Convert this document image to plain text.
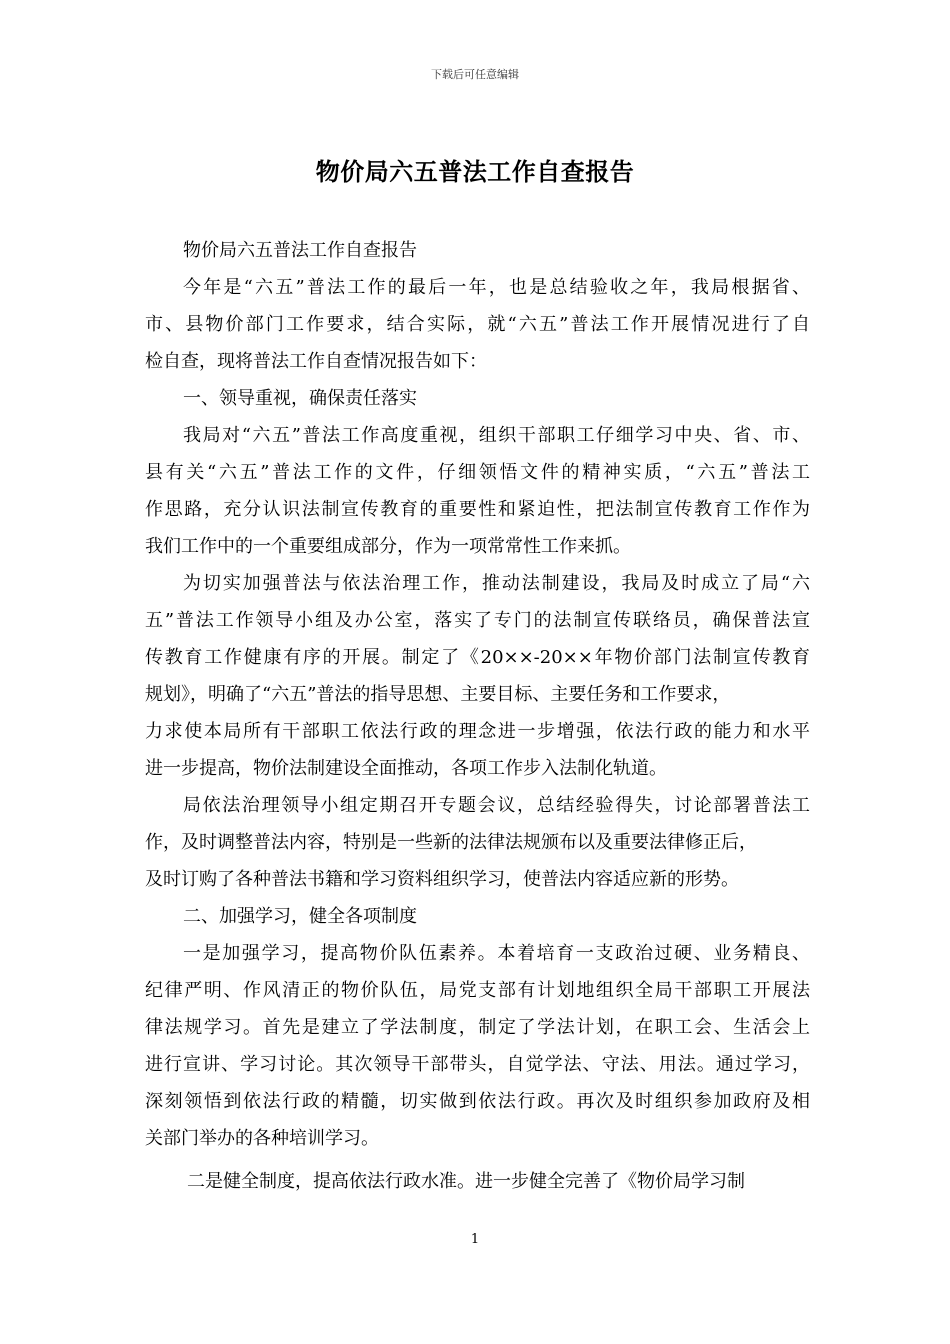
下载后可任意编辑
物价局六五普法工作自查报告
物价局六五普法工作自查报告
今年是“六五”普法工作的最后一年，也是总结验收之年，我局根据省、
市、县物价部门工作要求，结合实际，就“六五”普法工作开展情况进行了自
检自查，现将普法工作自查情况报告如下：
一、领导重视，确保责任落实
我局对“六五”普法工作高度重视，组织干部职工仔细学习中央、省、市、
县有关“六五”普法工作的文件，仔细领悟文件的精神实质，“六五”普法工
作思路，充分认识法制宣传教育的重要性和紧迫性，把法制宣传教育工作作为
我们工作中的一个重要组成部分，作为一项常常性工作来抓。
为切实加强普法与依法治理工作，推动法制建设，我局及时成立了局“六
五”普法工作领导小组及办公室，落实了专门的法制宣传联络员，确保普法宣
传教育工作健康有序的开展。制定了《20××-20××年物价部门法制宣传教育
规划》，明确了“六五”普法的指导思想、主要目标、主要任务和工作要求，
力求使本局所有干部职工依法行政的理念进一步增强，依法行政的能力和水平
进一步提高，物价法制建设全面推动，各项工作步入法制化轨道。
局依法治理领导小组定期召开专题会议，总结经验得失，讨论部署普法工
作，及时调整普法内容，特别是一些新的法律法规颁布以及重要法律修正后，
及时订购了各种普法书籍和学习资料组织学习，使普法内容适应新的形势。
二、加强学习，健全各项制度
一是加强学习，提高物价队伍素养。本着培育一支政治过硬、业务精良、
纪律严明、作风清正的物价队伍，局党支部有计划地组织全局干部职工开展法
律法规学习。首先是建立了学法制度，制定了学法计划，在职工会、生活会上
进行宣讲、学习讨论。其次领导干部带头，自觉学法、守法、用法。通过学习，
深刻领悟到依法行政的精髓，切实做到依法行政。再次及时组织参加政府及相
关部门举办的各种培训学习。
二是健全制度，提高依法行政水准。进一步健全完善了《物价局学习制
1
